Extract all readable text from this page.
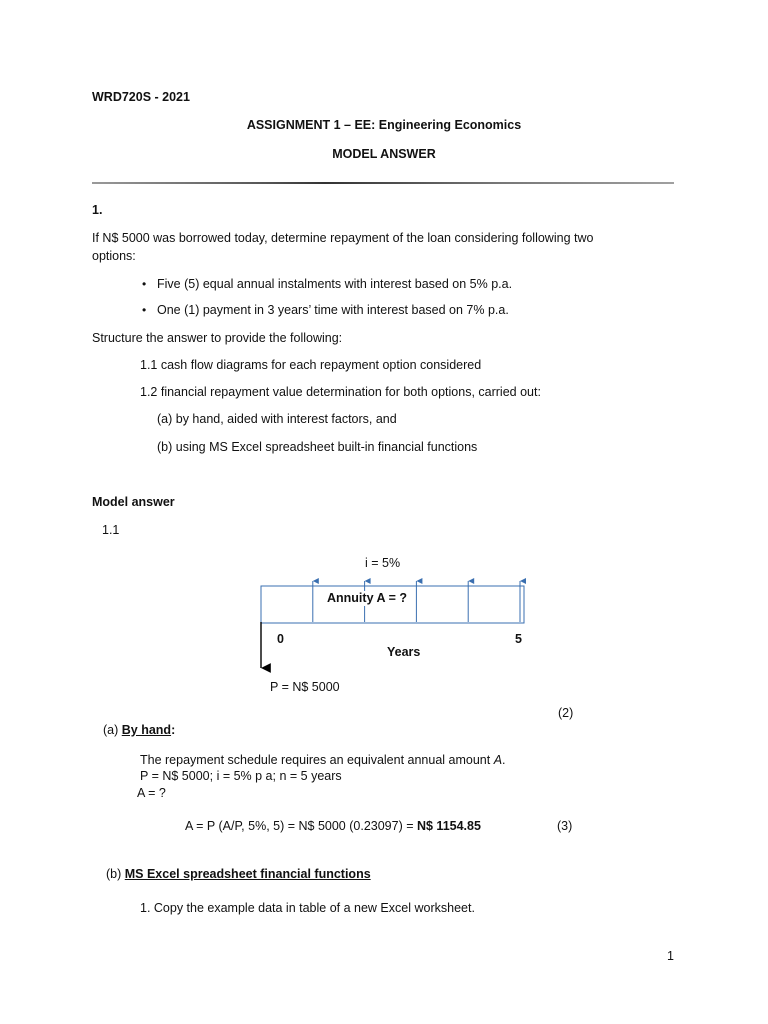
WRD720S - 2021
ASSIGNMENT 1 – EE: Engineering Economics
MODEL ANSWER
1.
If N$ 5000 was borrowed today, determine repayment of the loan considering following two
options:
• Five (5) equal annual instalments with interest based on 5% p.a.
• One (1) payment in 3 years’ time with interest based on 7% p.a.
Structure the answer to provide the following:
1.1 cash flow diagrams for each repayment option considered
1.2 financial repayment value determination for both options, carried out:
(a) by hand, aided with interest factors, and
(b) using MS Excel spreadsheet built-in financial functions
Model answer
1.1
i = 5%
Annuity A = ?
0	5
Years
P = N$ 5000
(2)
(a) By hand:
The repayment schedule requires an equivalent annual amount A.
P = N$ 5000; i = 5% p a; n = 5 years
A = ?
A = P (A/P, 5%, 5) = N$ 5000 (0.23097) = N$ 1154.85	(3)
(b) MS Excel spreadsheet financial functions
1. Copy the example data in table of a new Excel worksheet.
1
